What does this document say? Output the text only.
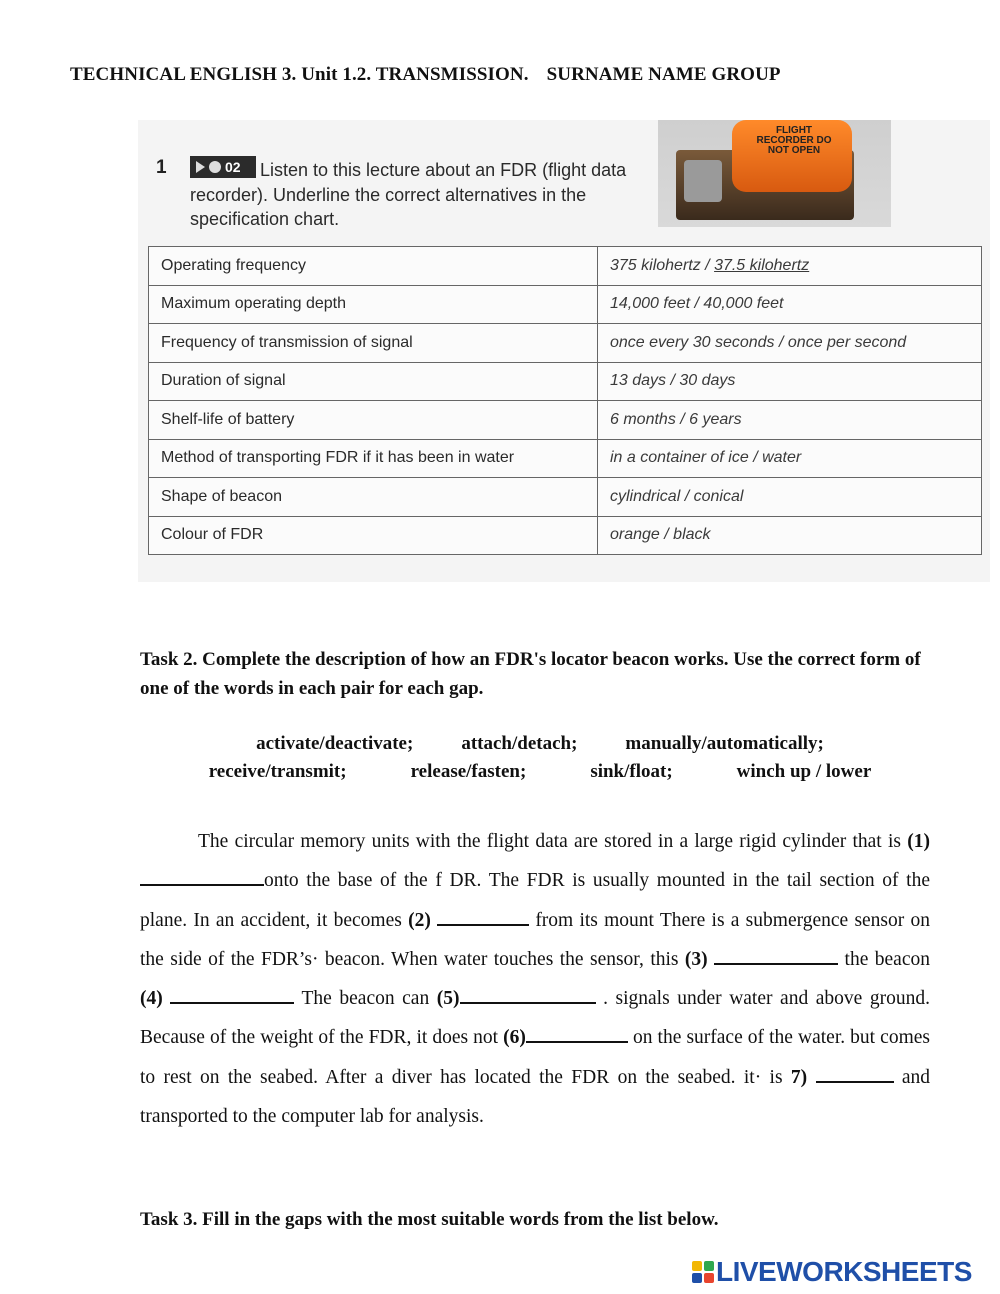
TECHNICAL ENGLISH 3. Unit 1.2. TRANSMISSION. SURNAME NAME GROUP
1	02	Listen to this lecture about an FDR (flight data recorder). Underline the correct alternatives in the specification chart.
FLIGHT RECORDER DO NOT OPEN
Operating frequency	375 kilohertz / 37.5 kilohertz
Maximum operating depth	14,000 feet / 40,000 feet
Frequency of transmission of signal	once every 30 seconds / once per second
Duration of signal	13 days / 30 days
Shelf-life of battery	6 months / 6 years
Method of transporting FDR if it has been in water	in a container of ice / water
Shape of beacon	cylindrical / conical
Colour of FDR	orange / black
Task 2. Complete the description of how an FDR's locator beacon works. Use the correct form of one of the words in each pair for each gap.
activate/deactivate;	attach/detach;	manually/automatically;
receive/transmit;	release/fasten;	sink/float;	winch up / lower
The circular memory units with the flight data are stored in a large rigid cylinder that is (1) onto the base of the f DR. The FDR is usually mounted in the tail section of the plane. In an accident, it becomes (2)	from its mount There is a submergence sensor on the side of the FDR’s· beacon. When water touches the sensor, this (3)	the beacon (4)	The beacon can (5)	. signals under water and above ground. Because of the weight of the FDR, it does not (6)	on the surface of the water. but comes to rest on the seabed. After a diver has located the FDR on the seabed. it· is 7)	and transported to the computer lab for analysis.
Task 3. Fill in the gaps with the most suitable words from the list below.
LIVEWORKSHEETS
